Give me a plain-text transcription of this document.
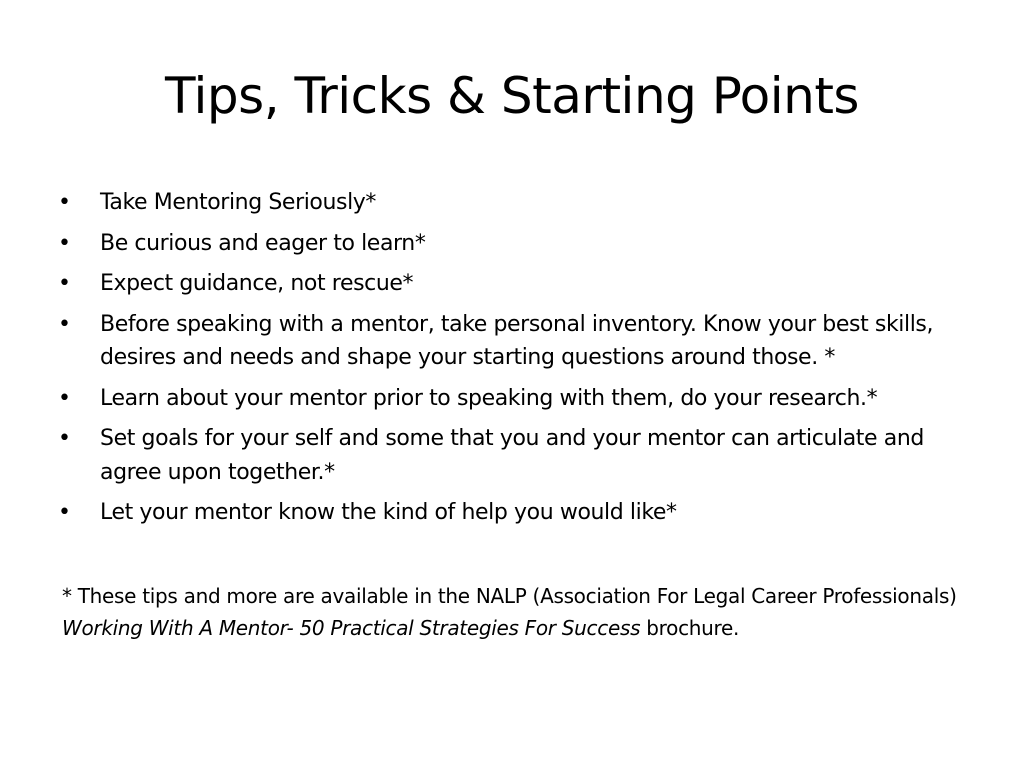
Tips, Tricks & Starting Points
•	Take Mentoring Seriously*
•	Be curious and eager to learn*
•	Expect guidance, not rescue*
•	Before speaking with a mentor, take personal inventory. Know your best skills, desires and needs and shape your starting questions around those. *
•	Learn about your mentor prior to speaking with them, do your research.*
•	Set goals for your self and some that you and your mentor can articulate and agree upon together.*
•	Let your mentor know the kind of help you would like*

* These tips and more are available in the NALP (Association For Legal Career Professionals) Working With A Mentor- 50 Practical Strategies For Success brochure.
